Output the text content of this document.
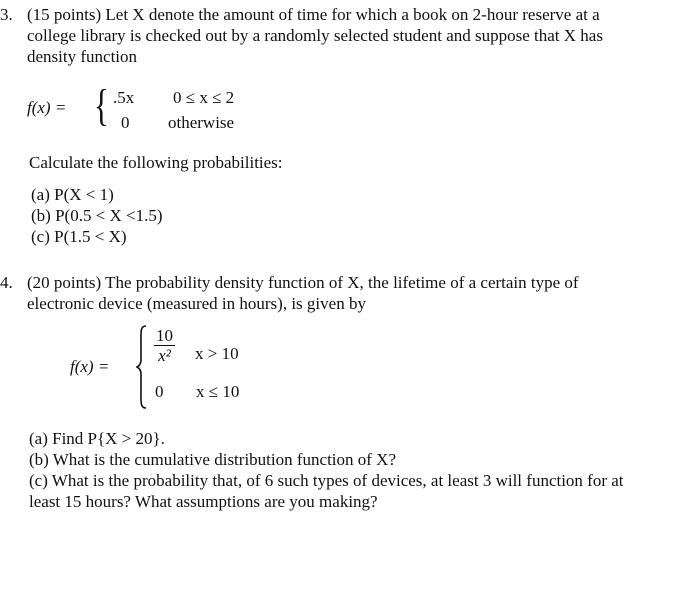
3. (15 points) Let X denote the amount of time for which a book on 2-hour reserve at a
college library is checked out by a randomly selected student and suppose that X has
density function
f(x) = { .5x
0
0 ≤ x ≤ 2
otherwise
Calculate the following probabilities:
(a) P(X < 1)
(b) P(0.5 < X <1.5)
(c) P(1.5 < X)
4. (20 points) The probability density function of X, the lifetime of a certain type of
electronic device (measured in hours), is given by
f(x) =
$\frac{10}{\text{x²}}$ x > 10
0 x ≤ 10
(a) Find P{X > 20}.
(b) What is the cumulative distribution function of X?
(c) What is the probability that, of 6 such types of devices, at least 3 will function for at
least 15 hours? What assumptions are you making?
